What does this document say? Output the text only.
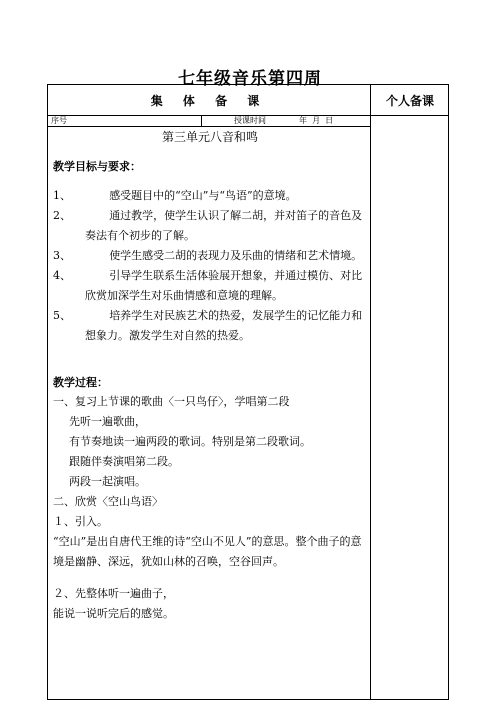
七年级音乐第四周
集 体 备 课	个人备课
序号	授课时间	年  月  日
第三单元八音和鸣
教学目标与要求：
1、	感受题目中的“空山”与“鸟语”的意境。
2、	通过教学，使学生认识了解二胡，并对笛子的音色及奏法有个初步的了解。
3、	使学生感受二胡的表现力及乐曲的情绪和艺术情境。
4、	引导学生联系生活体验展开想象，并通过模仿、对比欣赏加深学生对乐曲情感和意境的理解。
5、	培养学生对民族艺术的热爱，发展学生的记忆能力和想象力。激发学生对自然的热爱。
教学过程：

一、复习上节课的歌曲〈一只鸟仔〉，学唱第二段

先听一遍歌曲，

有节奏地读一遍两段的歌词。特别是第二段歌词。

跟随伴奏演唱第二段。

两段一起演唱。

二、欣赏〈空山鸟语〉

１、引入。

“空山”是出自唐代王维的诗“空山不见人”的意思。整个曲子的意境是幽静、深远，犹如山林的召唤，空谷回声。

２、先整体听一遍曲子，

能说一说听完后的感觉。
